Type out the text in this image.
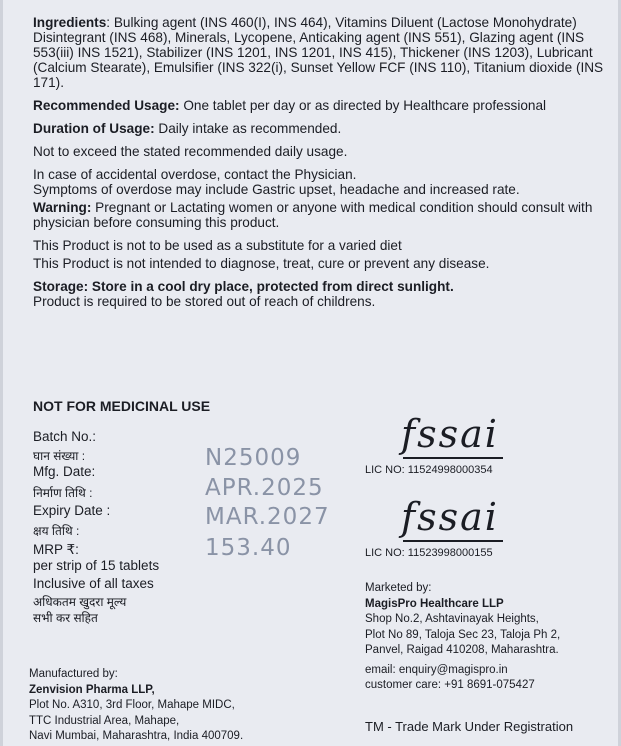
Ingredients: Bulking agent (INS 460(I), INS 464), Vitamins Diluent (Lactose Monohydrate) Disintegrant (INS 468), Minerals, Lycopene, Anticaking agent (INS 551), Glazing agent (INS 553(iii) INS 1521), Stabilizer (INS 1201, INS 1201, INS 415), Thickener (INS 1203), Lubricant (Calcium Stearate), Emulsifier (INS 322(i), Sunset Yellow FCF (INS 110), Titanium dioxide (INS 171).

Recommended Usage: One tablet per day or as directed by Healthcare professional

Duration of Usage: Daily intake as recommended.

Not to exceed the stated recommended daily usage.

In case of accidental overdose, contact the Physician.

Symptoms of overdose may include Gastric upset, headache and increased rate.

Warning: Pregnant or Lactating women or anyone with medical condition should consult with physician before consuming this product.

This Product is not to be used as a substitute for a varied diet

This Product is not intended to diagnose, treat, cure or prevent any disease.

Storage: Store in a cool dry place, protected from direct sunlight.

Product is required to be stored out of reach of childrens.

NOT FOR MEDICINAL USE
Batch No.:
घान संख्या :
Mfg. Date:
निर्माण तिथि :
Expiry Date :
क्षय तिथि :
MRP ₹:
per strip of 15 tablets
Inclusive of all taxes
अधिकतम खुदरा मूल्य
सभी कर सहित
N25009
APR.2025
MAR.2027
153.40
fssai
LIC NO: 11524998000354
fssai
LIC NO: 11523998000155
Marketed by:
MagisPro Healthcare LLP
Shop No.2, Ashtavinayak Heights,
Plot No 89, Taloja Sec 23, Taloja Ph 2,
Panvel, Raigad 410208, Maharashtra.
email: enquiry@magispro.in
customer care: +91 8691-075427
Manufactured by:
Zenvision Pharma LLP,
Plot No. A310, 3rd Floor, Mahape MIDC,
TTC Industrial Area, Mahape,
Navi Mumbai, Maharashtra, India 400709.
TM - Trade Mark Under Registration
